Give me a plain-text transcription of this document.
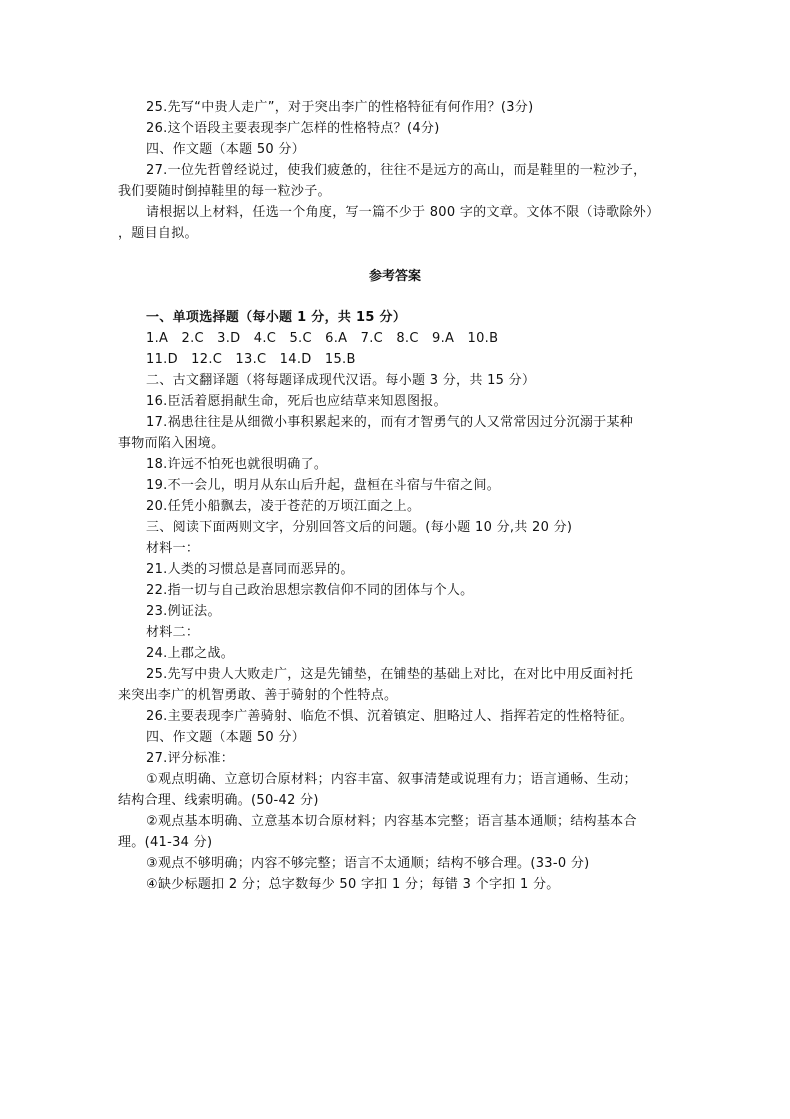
25.先写“中贵人走广”，对于突出李广的性格特征有何作用？(3分)
26.这个语段主要表现李广怎样的性格特点？(4分)
四、作文题（本题 50 分）
27.一位先哲曾经说过，使我们疲惫的，往往不是远方的高山，而是鞋里的一粒沙子，
我们要随时倒掉鞋里的每一粒沙子。
请根据以上材料，任选一个角度，写一篇不少于 800 字的文章。文体不限（诗歌除外）
，题目自拟。
参考答案
一、单项选择题（每小题 1 分，共 15 分）
1.A　2.C　3.D　4.C　5.C　6.A　7.C　8.C　9.A　10.B
11.D　12.C　13.C　14.D　15.B
二、古文翻译题（将每题译成现代汉语。每小题 3 分，共 15 分）
16.臣活着愿捐献生命，死后也应结草来知恩图报。
17.祸患往往是从细微小事积累起来的，而有才智勇气的人又常常因过分沉溺于某种
事物而陷入困境。
18.许远不怕死也就很明确了。
19.不一会儿，明月从东山后升起，盘桓在斗宿与牛宿之间。
20.任凭小船飘去，凌于苍茫的万顷江面之上。
三、阅读下面两则文字，分别回答文后的问题。(每小题 10 分,共 20 分)
材料一：
21.人类的习惯总是喜同而恶异的。
22.指一切与自己政治思想宗教信仰不同的团体与个人。
23.例证法。
材料二：
24.上郡之战。
25.先写中贵人大败走广，这是先铺垫，在铺垫的基础上对比，在对比中用反面衬托
来突出李广的机智勇敢、善于骑射的个性特点。
26.主要表现李广善骑射、临危不惧、沉着镇定、胆略过人、指挥若定的性格特征。
四、作文题（本题 50 分）
27.评分标准：
①观点明确、立意切合原材料；内容丰富、叙事清楚或说理有力；语言通畅、生动；
结构合理、线索明确。(50-42 分)
②观点基本明确、立意基本切合原材料；内容基本完整；语言基本通顺；结构基本合
理。(41-34 分)
③观点不够明确；内容不够完整；语言不太通顺；结构不够合理。(33-0 分)
④缺少标题扣 2 分；总字数每少 50 字扣 1 分；每错 3 个字扣 1 分。
